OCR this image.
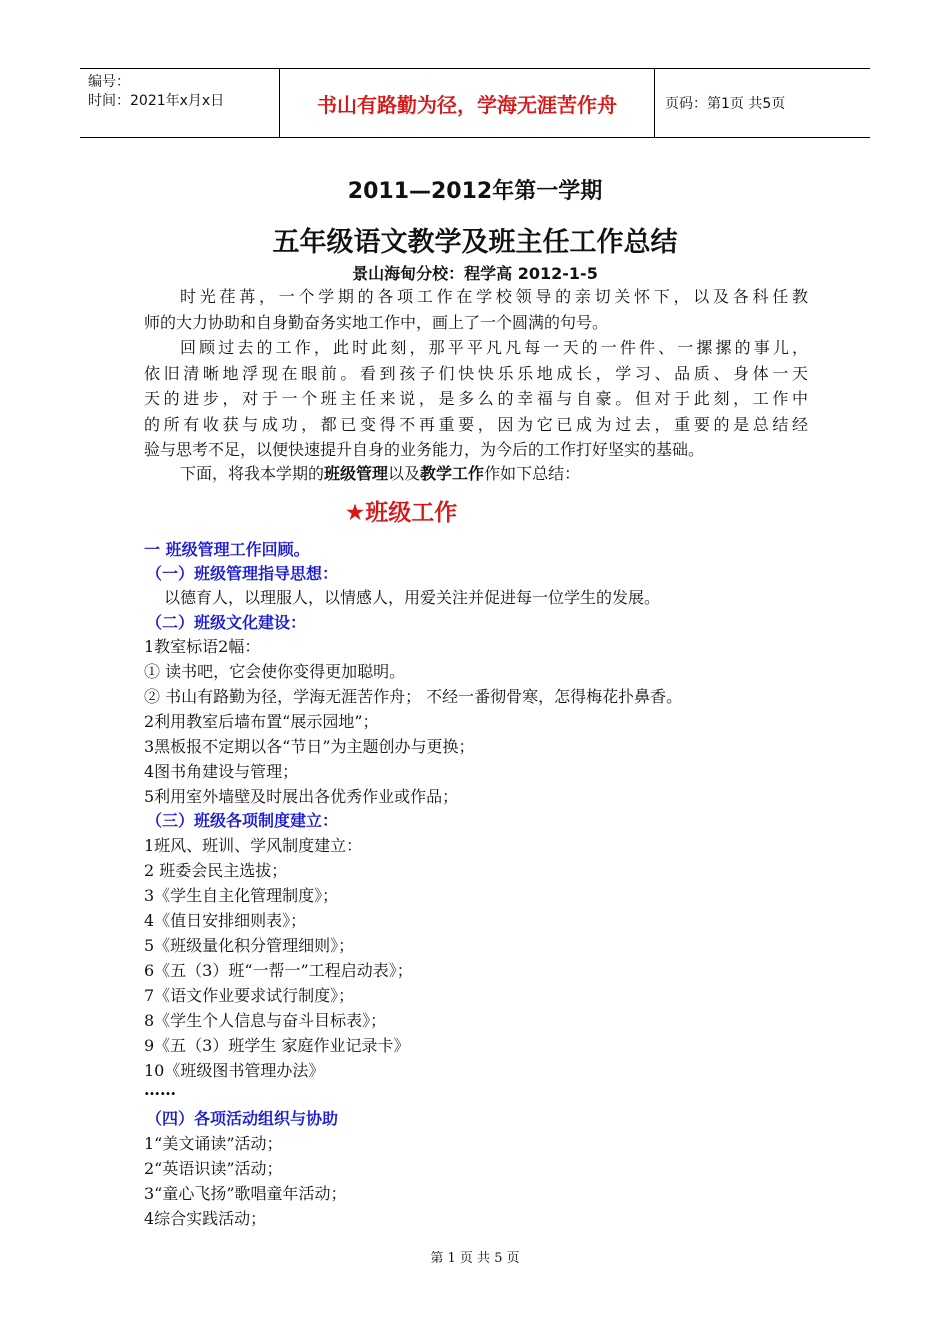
编号：
时间：2021年x月x日	书山有路勤为径，学海无涯苦作舟	页码：第1页 共5页
2011—2012年第一学期
五年级语文教学及班主任工作总结
景山海甸分校：程学高 2012-1-5
时光荏苒，一个学期的各项工作在学校领导的亲切关怀下，以及各科任教
师的大力协助和自身勤奋务实地工作中，画上了一个圆满的句号。
回顾过去的工作，此时此刻，那平平凡凡每一天的一件件、一摞摞的事儿，
依旧清晰地浮现在眼前。看到孩子们快快乐乐地成长，学习、品质、身体一天
天的进步，对于一个班主任来说，是多么的幸福与自豪。但对于此刻，工作中
的所有收获与成功，都已变得不再重要，因为它已成为过去，重要的是总结经
验与思考不足，以便快速提升自身的业务能力，为今后的工作打好坚实的基础。
下面，将我本学期的班级管理以及教学工作作如下总结：
★班级工作
一 班级管理工作回顾。
（一）班级管理指导思想：
以德育人，以理服人，以情感人，用爱关注并促进每一位学生的发展。
（二）班级文化建设：
1教室标语2幅：
① 读书吧，它会使你变得更加聪明。
② 书山有路勤为径，学海无涯苦作舟； 不经一番彻骨寒，怎得梅花扑鼻香。
2利用教室后墙布置“展示园地”；
3黑板报不定期以各“节日”为主题创办与更换；
4图书角建设与管理；
5利用室外墙壁及时展出各优秀作业或作品；
（三）班级各项制度建立：
1班风、班训、学风制度建立：
2 班委会民主选拔；
3《学生自主化管理制度》；
4《值日安排细则表》；
5《班级量化积分管理细则》；
6《五（3）班“一帮一”工程启动表》；
7《语文作业要求试行制度》；
8《学生个人信息与奋斗目标表》；
9《五（3）班学生 家庭作业记录卡》
10《班级图书管理办法》
……
（四）各项活动组织与协助
1“美文诵读”活动；
2“英语识读”活动；
3“童心飞扬”歌唱童年活动；
4综合实践活动；
第 1 页 共 5 页
